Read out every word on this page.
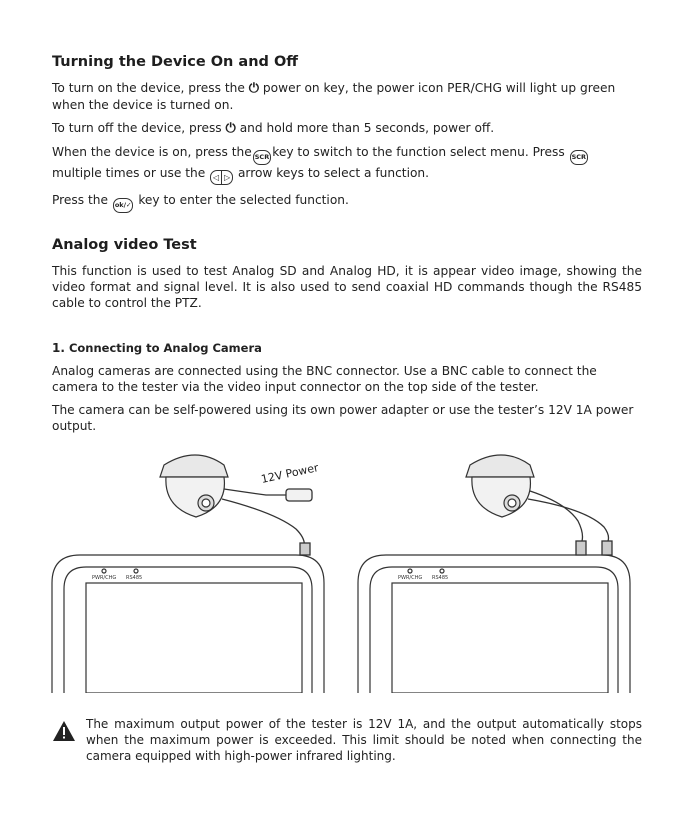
Turning the Device On and Off

To turn on the device, press the ⏻ power on key, the power icon PER/CHG will light up green when the device is turned on.

To turn off the device, press ⏻ and hold more than 5 seconds, power off.

When the device is on, press the SCR key to switch to the function select menu. Press SCR multiple times or use the ◁ ▷ arrow keys to select a function.

Press the ok/✓ key to enter the selected function.

Analog video Test

This function is used to test Analog SD and Analog HD, it is appear video image, showing the video format and signal level. It is also used to send coaxial HD commands though the RS485 cable to control the PTZ.

1. Connecting to Analog Camera

Analog cameras are connected using the BNC connector. Use a BNC cable to connect the camera to the tester via the video input connector on the top side of the tester.

The camera can be self-powered using its own power adapter or use the tester’s 12V 1A power output.

PWR/CHG RS485
12V Power
PWR/CHG RS485

The maximum output power of the tester is 12V 1A, and the output automatically stops when the maximum power is exceeded. This limit should be noted when connecting the camera equipped with high-power infrared lighting.
